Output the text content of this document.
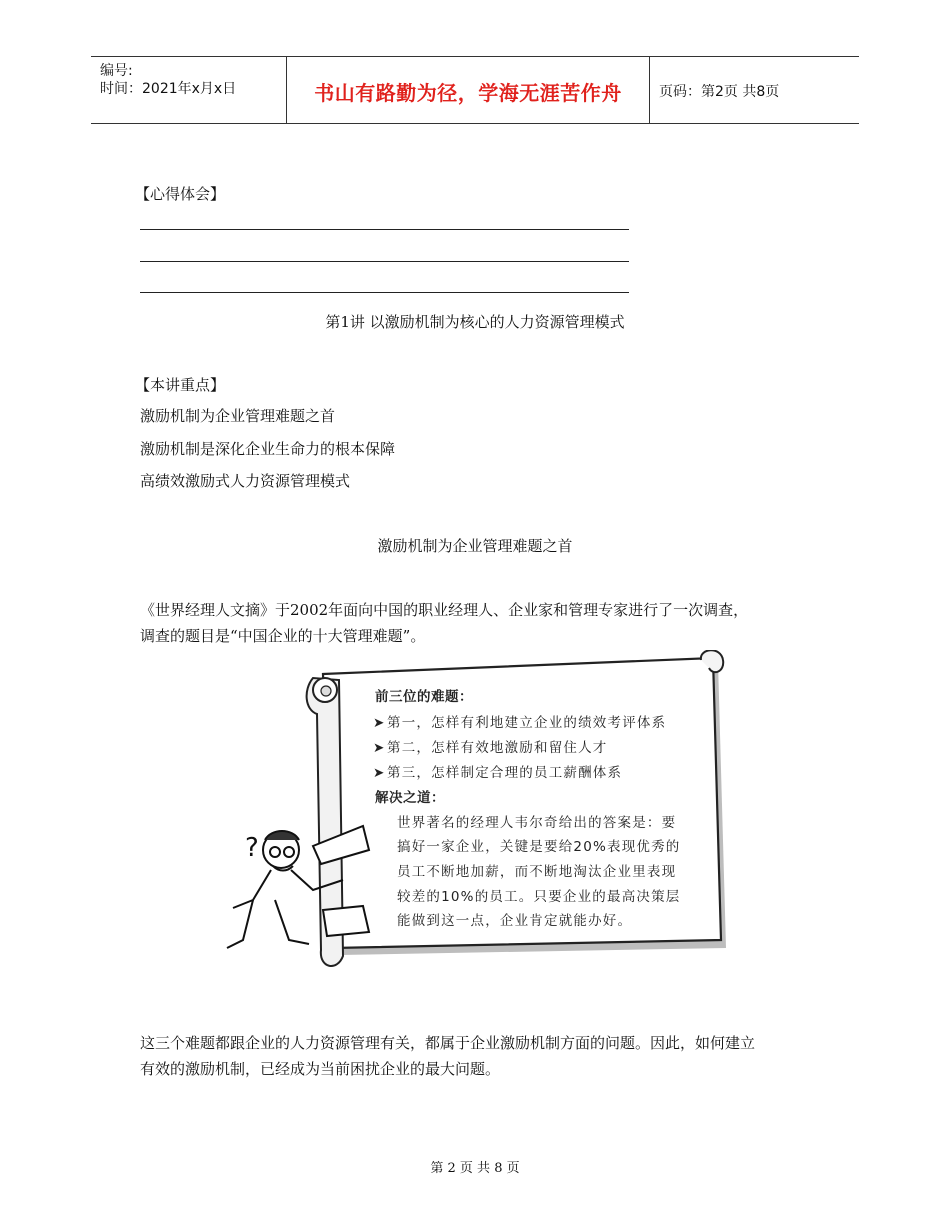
编号:
时间：2021年x月x日	书山有路勤为径，学海无涯苦作舟	页码：第2页 共8页
【心得体会】
第1讲 以激励机制为核心的人力资源管理模式
【本讲重点】
激励机制为企业管理难题之首
激励机制是深化企业生命力的根本保障
高绩效激励式人力资源管理模式
激励机制为企业管理难题之首
《世界经理人文摘》于2002年面向中国的职业经理人、企业家和管理专家进行了一次调查，
调查的题目是“中国企业的十大管理难题”。
?
前三位的难题：
➤第一，怎样有利地建立企业的绩效考评体系
➤第二，怎样有效地激励和留住人才
➤第三，怎样制定合理的员工薪酬体系
解决之道：
世界著名的经理人韦尔奇给出的答案是：要
搞好一家企业，关键是要给20%表现优秀的
员工不断地加薪，而不断地淘汰企业里表现
较差的10%的员工。只要企业的最高决策层
能做到这一点，企业肯定就能办好。
这三个难题都跟企业的人力资源管理有关，都属于企业激励机制方面的问题。因此，如何建立
有效的激励机制，已经成为当前困扰企业的最大问题。
第 2 页 共 8 页
